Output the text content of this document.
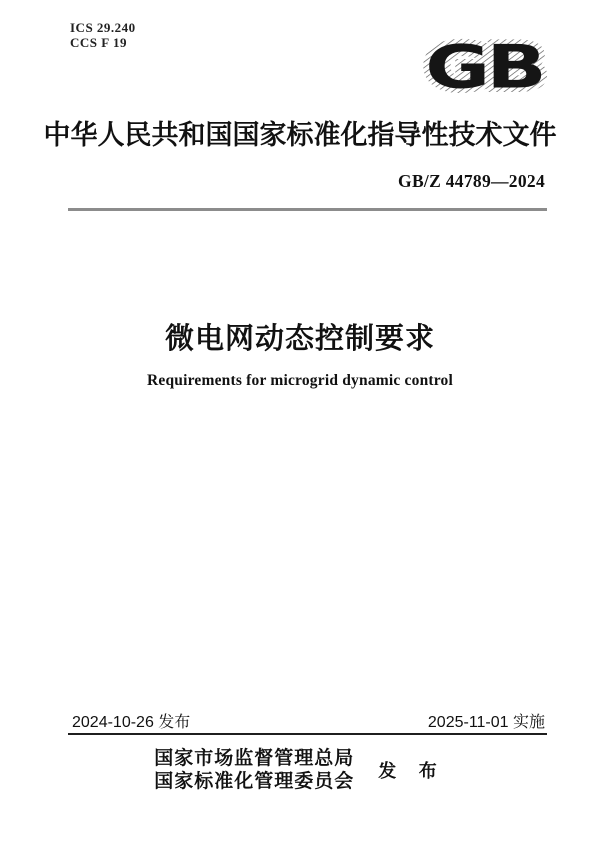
ICS 29.240
CCS F 19	GB
中华人民共和国国家标准化指导性技术文件
GB/Z 44789—2024
微电网动态控制要求
Requirements for microgrid dynamic control
2024-10-26 发布	2025-11-01 实施
国家市场监督管理总局
国家标准化管理委员会 发 布
